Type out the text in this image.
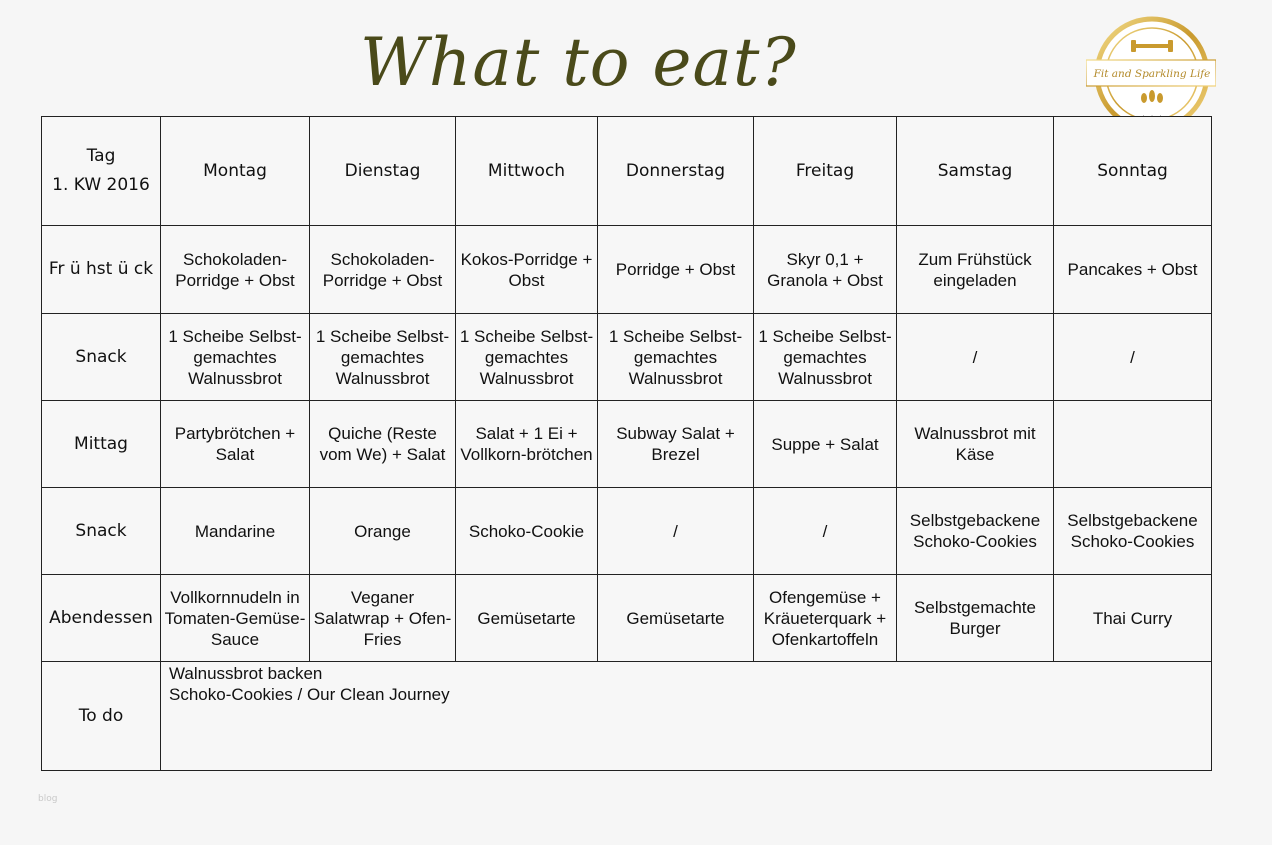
What to eat?	Fit and Sparkling Life
Tag
1. KW 2016	Montag	Dienstag	Mittwoch	Donnerstag	Freitag	Samstag	Sonntag
Fr ü hst ü ck	Schokoladen-Porridge + Obst	Schokoladen-Porridge + Obst	Kokos-Porridge + Obst	Porridge + Obst	Skyr 0,1 + Granola + Obst	Zum Frühstück eingeladen	Pancakes + Obst
Snack	1 Scheibe Selbst-gemachtes Walnussbrot	1 Scheibe Selbst-gemachtes Walnussbrot	1 Scheibe Selbst-gemachtes Walnussbrot	1 Scheibe Selbst-gemachtes Walnussbrot	1 Scheibe Selbst-gemachtes Walnussbrot	/	/
Mittag	Partybrötchen + Salat	Quiche (Reste vom We) + Salat	Salat + 1 Ei + Vollkorn-brötchen	Subway Salat + Brezel	Suppe + Salat	Walnussbrot mit Käse	
Snack	Mandarine	Orange	Schoko-Cookie	/	/	Selbstgebackene Schoko-Cookies	Selbstgebackene Schoko-Cookies
Abendessen	Vollkornnudeln in Tomaten-Gemüse-Sauce	Veganer Salatwrap + Ofen-Fries	Gemüsetarte	Gemüsetarte	Ofengemüse + Kräueterquark + Ofenkartoffeln	Selbstgemachte Burger	Thai Curry
To do	Walnussbrot backen
Schoko-Cookies / Our Clean Journey						
blog
